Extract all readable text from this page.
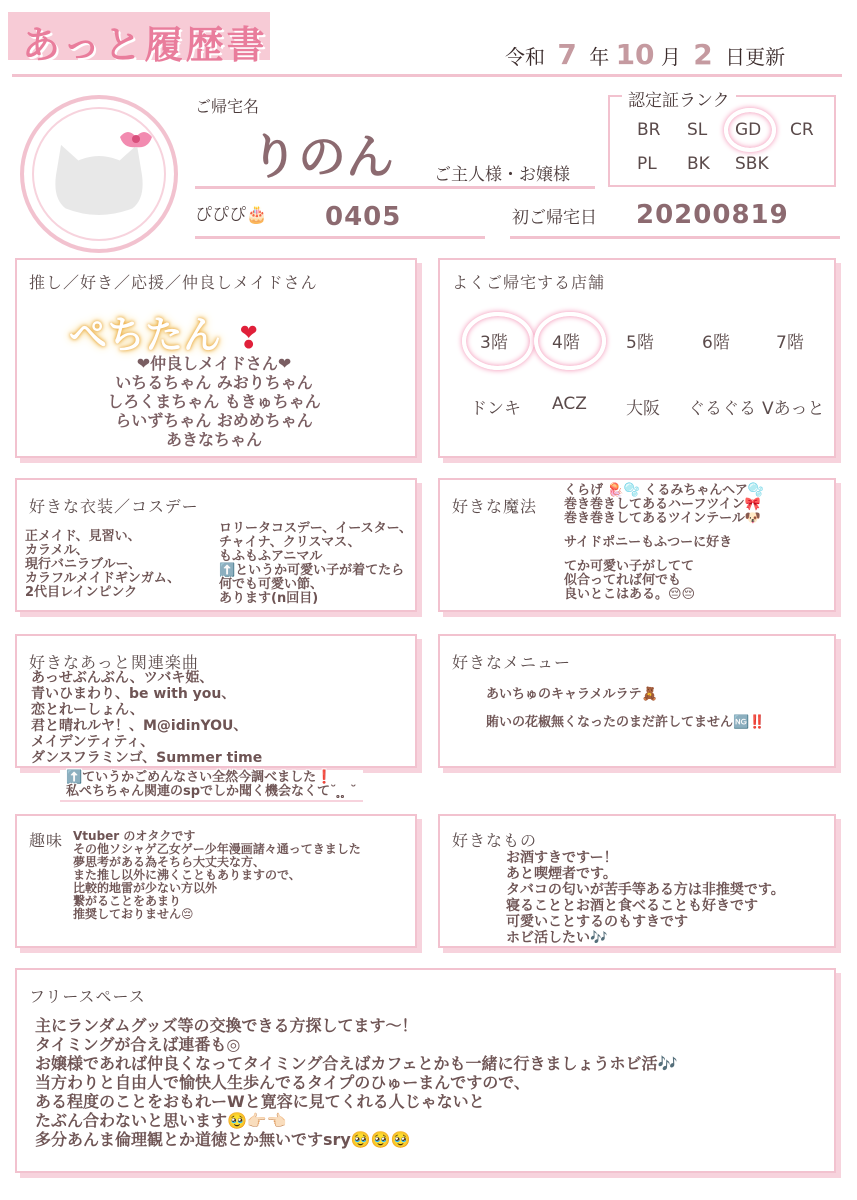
あっと履歴書	令和 7 年 10 月 2 日更新
ご帰宅名
りのん ご主人様・お嬢様
ぴぴぴ🎂 0405	初ご帰宅日 20200819
認定証ランク
BR SL GD CR
PL BK SBK
推し／好き／応援／仲良しメイドさん
ぺちたん ❣
❤仲良しメイドさん❤
いちるちゃん みおりちゃん
しろくまちゃん もきゅちゃん
らいずちゃん おめめちゃん
あきなちゃん
よくご帰宅する店舗
3階	4階	5階	6階	7階
ドンキ ACZ 大阪 ぐるぐる Vあっと
好きな衣装／コスデー
正メイド、見習い、
カラメル、
現行バニラブルー、
カラフルメイドギンガム、
2代目レインピンク
ロリータコスデー、イースター、
チャイナ、クリスマス、
もふもふアニマル
⬆️というか可愛い子が着てたら
何でも可愛い節、
あります(n回目)
好きな魔法
くらげ 🪼🫧 くるみちゃんヘア🫧
巻き巻きしてあるハーフツイン🎀
巻き巻きしてあるツインテール🐶
サイドポニーもふつーに好き
てか可愛い子がしてて
似合ってれば何でも
良いとこはある。😔😔
好きなあっと関連楽曲
あっせぶんぶん、ツバキ姫、
青いひまわり、be with you、
恋とれーしょん、
君と晴れルヤ！、M@idinYOU、
メイデンティティ、
ダンスフラミンゴ、Summer time
⬆️ていうかごめんなさい全然今調べました❗
私ぺちちゃん関連のspでしか聞く機会なくて˘ ̥̥̥ ̥̥̥ ˘
好きなメニュー
あいちゅのキャラメルラテ🧸
賄いの花椒無くなったのまだ許してません🆖‼️
趣味 Vtuber のオタクです
その他ソシャゲ乙女ゲー少年漫画諸々通ってきました
夢思考がある為そちら大丈夫な方、
また推し以外に沸くこともありますので、
比較的地雷が少ない方以外
繋がることをあまり
推奨しておりません😔
好きなもの
お酒すきですー！
あと喫煙者です。
タバコの匂いが苦手等ある方は非推奨です。
寝ることとお酒と食べることも好きです
可愛いことするのもすきです
ホビ活したい🎶
フリースペース
主にランダムグッズ等の交換できる方探してます〜！
タイミングが合えば連番も◎
お嬢様であれば仲良くなってタイミング合えばカフェとかも一緒に行きましょうホビ活🎶
当方わりと自由人で愉快人生歩んでるタイプのひゅーまんですので、
ある程度のことをおもれーWと寛容に見てくれる人じゃないと
たぶん合わないと思います🥹👉🏻👈🏻
多分あんま倫理観とか道徳とか無いですsry🥹🥹🥹
